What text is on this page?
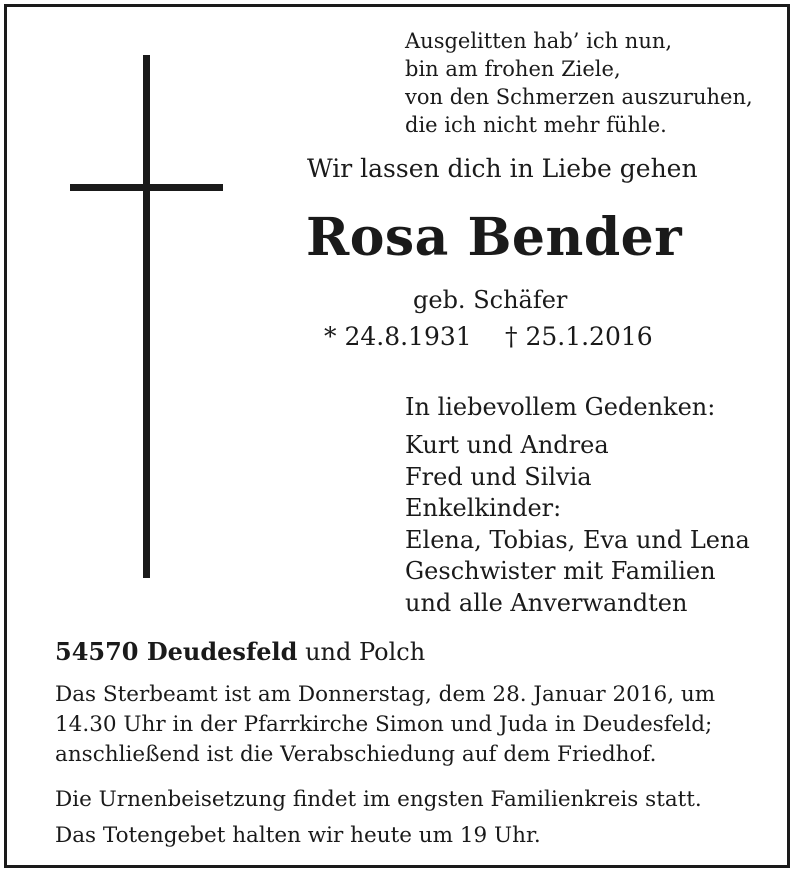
Ausgelitten hab’ ich nun,
bin am frohen Ziele,
von den Schmerzen auszuruhen,
die ich nicht mehr fühle.
Wir lassen dich in Liebe gehen
Rosa Bender
geb. Schäfer
* 24.8.1931 † 25.1.2016
In liebevollem Gedenken:
Kurt und Andrea
Fred und Silvia
Enkelkinder:
Elena, Tobias, Eva und Lena
Geschwister mit Familien
und alle Anverwandten
54570 Deudesfeld und Polch
Das Sterbeamt ist am Donnerstag, dem 28. Januar 2016, um
14.30 Uhr in der Pfarrkirche Simon und Juda in Deudesfeld;
anschließend ist die Verabschiedung auf dem Friedhof.
Die Urnenbeisetzung findet im engsten Familienkreis statt.
Das Totengebet halten wir heute um 19 Uhr.
